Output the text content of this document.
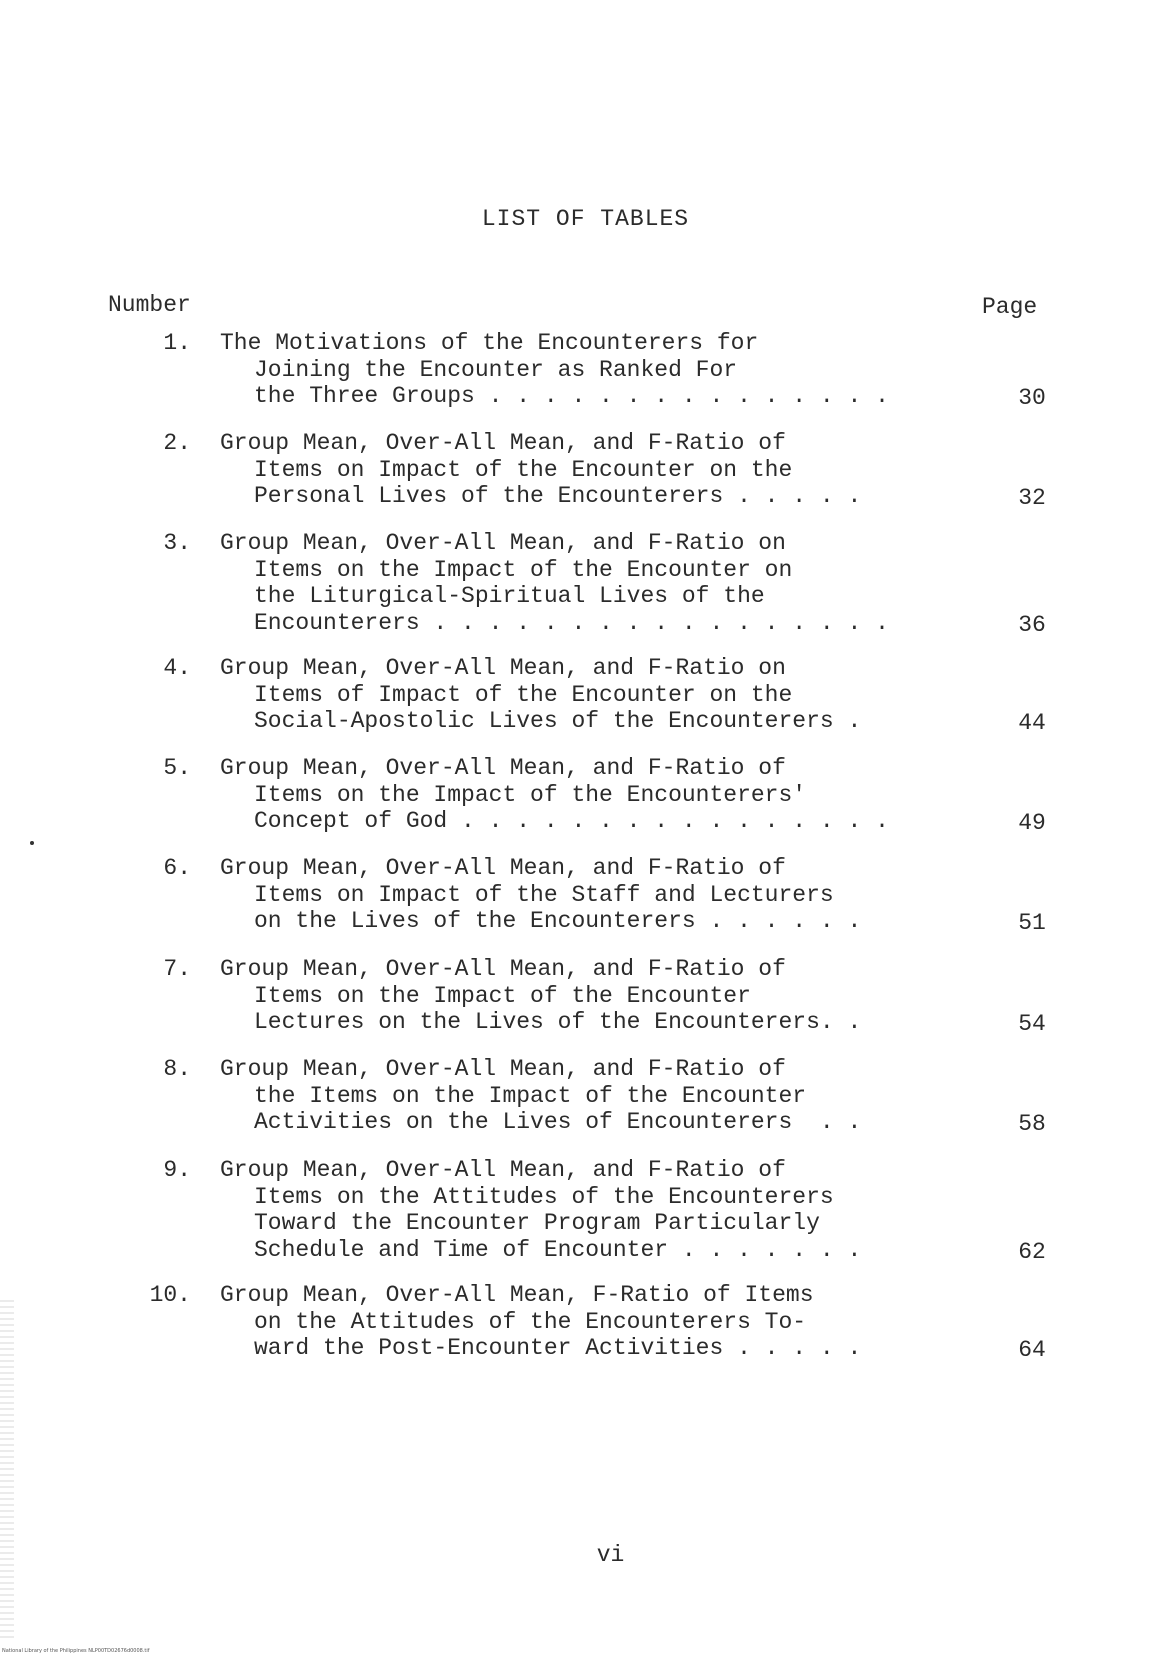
LIST OF TABLES
Number	Page
1. The Motivations of the Encounterers for
Joining the Encounter as Ranked For
the Three Groups . . . . . . . . . . . . . . .	30
2. Group Mean, Over-All Mean, and F-Ratio of
Items on Impact of the Encounter on the
Personal Lives of the Encounterers . . . . .	32
3. Group Mean, Over-All Mean, and F-Ratio on
Items on the Impact of the Encounter on
the Liturgical-Spiritual Lives of the
Encounterers . . . . . . . . . . . . . . . . .	36
4. Group Mean, Over-All Mean, and F-Ratio on
Items of Impact of the Encounter on the
Social-Apostolic Lives of the Encounterers .	44
5. Group Mean, Over-All Mean, and F-Ratio of
Items on the Impact of the Encounterers'
Concept of God . . . . . . . . . . . . . . . .	49
6. Group Mean, Over-All Mean, and F-Ratio of
Items on Impact of the Staff and Lecturers
on the Lives of the Encounterers . . . . . .	51
7. Group Mean, Over-All Mean, and F-Ratio of
Items on the Impact of the Encounter
Lectures on the Lives of the Encounterers. .	54
8. Group Mean, Over-All Mean, and F-Ratio of
the Items on the Impact of the Encounter
Activities on the Lives of Encounterers  . .	58
9. Group Mean, Over-All Mean, and F-Ratio of
Items on the Attitudes of the Encounterers
Toward the Encounter Program Particularly
Schedule and Time of Encounter . . . . . . .	62
10. Group Mean, Over-All Mean, F-Ratio of Items
on the Attitudes of the Encounterers To-
ward the Post-Encounter Activities . . . . .	64
vi
National Library of the Philippines NLP00TD02676d0008.tif
